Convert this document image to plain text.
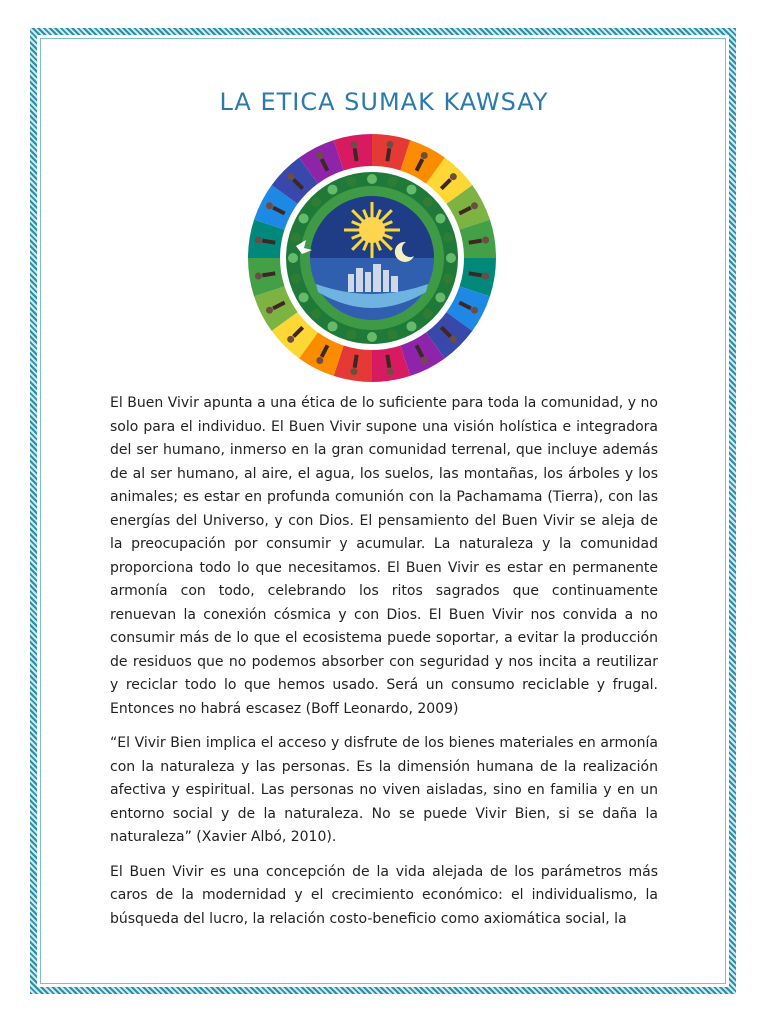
LA ETICA SUMAK KAWSAY

El Buen Vivir apunta a una ética de lo suficiente para toda la comunidad, y no solo para el individuo. El Buen Vivir supone una visión holística e integradora del ser humano, inmerso en la gran comunidad terrenal, que incluye además de al ser humano, al aire, el agua, los suelos, las montañas, los árboles y los animales; es estar en profunda comunión con la Pachamama (Tierra), con las energías del Universo, y con Dios. El pensamiento del Buen Vivir se aleja de la preocupación por consumir y acumular. La naturaleza y la comunidad proporciona todo lo que necesitamos. El Buen Vivir es estar en permanente armonía con todo, celebrando los ritos sagrados que continuamente renuevan la conexión cósmica y con Dios. El Buen Vivir nos convida a no consumir más de lo que el ecosistema puede soportar, a evitar la producción de residuos que no podemos absorber con seguridad y nos incita a reutilizar y reciclar todo lo que hemos usado. Será un consumo reciclable y frugal. Entonces no habrá escasez (Boff Leonardo, 2009)

“El Vivir Bien implica el acceso y disfrute de los bienes materiales en armonía con la naturaleza y las personas. Es la dimensión humana de la realización afectiva y espiritual. Las personas no viven aisladas, sino en familia y en un entorno social y de la naturaleza. No se puede Vivir Bien, si se daña la naturaleza” (Xavier Albó, 2010).

El Buen Vivir es una concepción de la vida alejada de los parámetros más caros de la modernidad y el crecimiento económico: el individualismo, la búsqueda del lucro, la relación costo-beneficio como axiomática social, la
